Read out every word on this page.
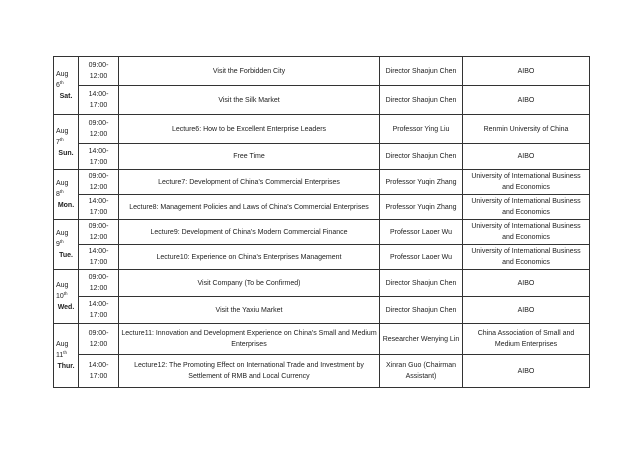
Aug 6th
Sat.	09:00-12:00	Visit the Forbidden City	Director Shaojun Chen	AIBO
	14:00-17:00	Visit the Silk Market	Director Shaojun Chen	AIBO

Aug 7th
Sun.	09:00-12:00	Lecture6: How to be Excellent Enterprise Leaders	Professor Ying Liu	Renmin University of China
	14:00-17:00	Free Time	Director Shaojun Chen	AIBO

Aug 8th
Mon.	09:00-12:00	Lecture7: Development of China's Commercial Enterprises	Professor Yuqin Zhang	University of International Business and Economics
	14:00-17:00	Lecture8: Management Policies and Laws of China's Commercial Enterprises	Professor Yuqin Zhang	University of International Business and Economics

Aug 9th
Tue.	09:00-12:00	Lecture9: Development of China's Modern Commercial Finance	Professor Laoer Wu	University of International Business and Economics
	14:00-17:00	Lecture10: Experience on China's Enterprises Management	Professor Laoer Wu	University of International Business and Economics

Aug 10th
Wed.	09:00-12:00	Visit Company (To be Confirmed)	Director Shaojun Chen	AIBO
	14:00-17:00	Visit the Yaxiu Market	Director Shaojun Chen	AIBO

Aug 11th
Thur.	09:00-12:00	Lecture11: Innovation and Development Experience on China's Small and Medium Enterprises	Researcher Wenying Lin	China Association of Small and Medium Enterprises
	14:00-17:00	Lecture12: The Promoting Effect on International Trade and Investment by Settlement of RMB and Local Currency	Xinran Guo (Chairman Assistant)	AIBO
